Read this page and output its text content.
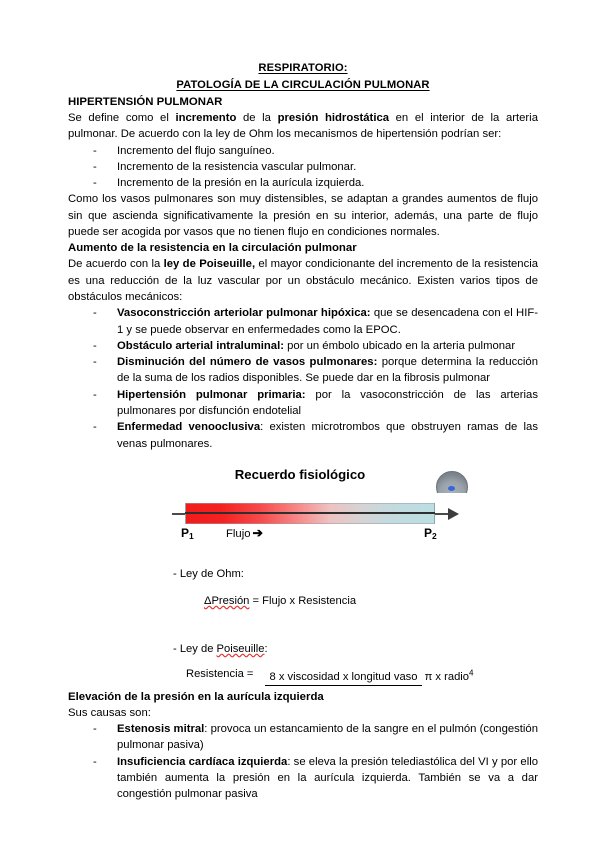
RESPIRATORIO:
PATOLOGÍA DE LA CIRCULACIÓN PULMONAR
HIPERTENSIÓN PULMONAR

Se define como el incremento de la presión hidrostática en el interior de la arteria pulmonar. De acuerdo con la ley de Ohm los mecanismos de hipertensión podrían ser:

- Incremento del flujo sanguíneo.
- Incremento de la resistencia vascular pulmonar.
- Incremento de la presión en la aurícula izquierda.

Como los vasos pulmonares son muy distensibles, se adaptan a grandes aumentos de flujo sin que ascienda significativamente la presión en su interior, además, una parte de flujo puede ser acogida por vasos que no tienen flujo en condiciones normales.

Aumento de la resistencia en la circulación pulmonar

De acuerdo con la ley de Poiseuille, el mayor condicionante del incremento de la resistencia es una reducción de la luz vascular por un obstáculo mecánico. Existen varios tipos de obstáculos mecánicos:

- Vasoconstricción arteriolar pulmonar hipóxica: que se desencadena con el HIF-1 y se puede observar en enfermedades como la EPOC.
- Obstáculo arterial intraluminal: por un émbolo ubicado en la arteria pulmonar
- Disminución del número de vasos pulmonares: porque determina la reducción de la suma de los radios disponibles. Se puede dar en la fibrosis pulmonar
- Hipertensión pulmonar primaria: por la vasoconstricción de las arterias pulmonares por disfunción endotelial
- Enfermedad venooclusiva: existen microtrombos que obstruyen ramas de las venas pulmonares.
Recuerdo fisiológico
$P_1$	$P_2$
Flujo ➔
- Ley de Ohm:
ΔPresión = Flujo x Resistencia
- Ley de Poiseuille:
Resistencia =	8 x viscosidad x longitud vaso π x radio$^4$
Elevación de la presión en la aurícula izquierda

Sus causas son:

- Estenosis mitral: provoca un estancamiento de la sangre en el pulmón (congestión pulmonar pasiva)
- Insuficiencia cardíaca izquierda: se eleva la presión telediastólica del VI y por ello también aumenta la presión en la aurícula izquierda. También se va a dar congestión pulmonar pasiva
